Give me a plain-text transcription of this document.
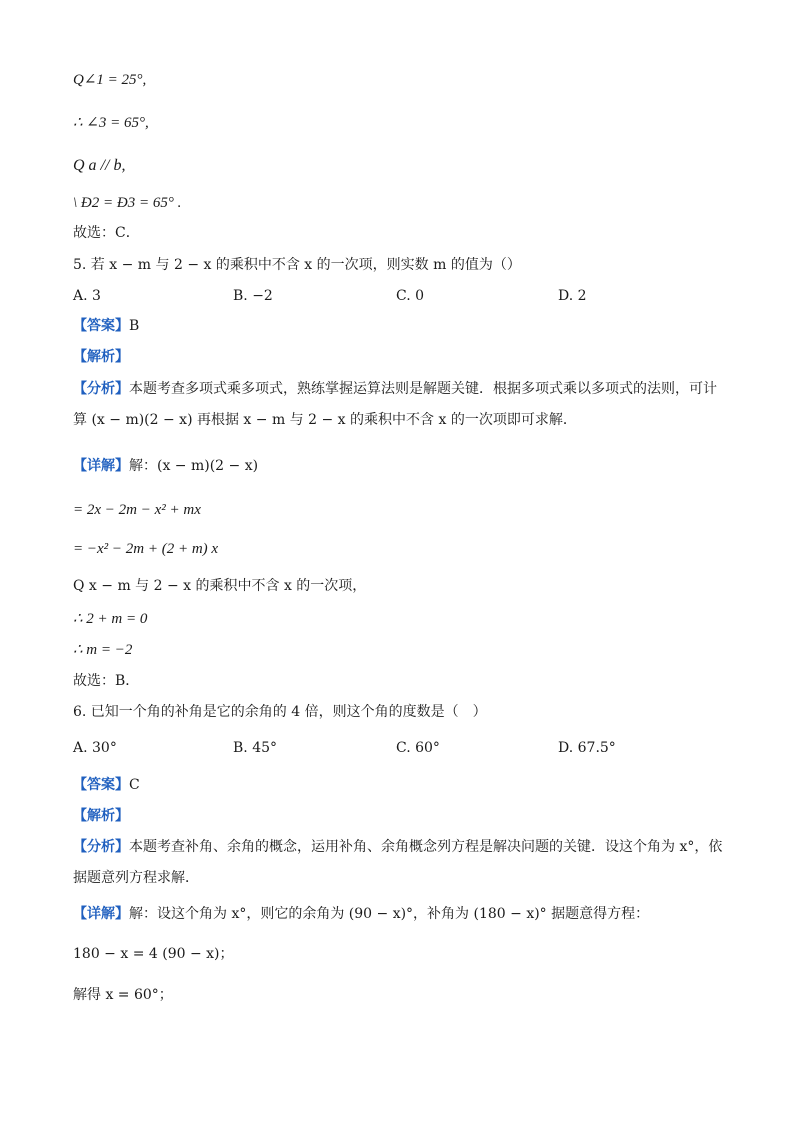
Q∠1 = 25°,
∴ ∠3 = 65°,
Q a // b,
\ Ð2 = Ð3 = 65° .
故选：C．
5. 若 x − m 与 2 − x 的乘积中不含 x 的一次项，则实数 m 的值为（）
A. 3	B. −2	C. 0	D. 2
【答案】B
【解析】
【分析】本题考查多项式乘多项式，熟练掌握运算法则是解题关键．根据多项式乘以多项式的法则，可计算 (x − m)(2 − x) 再根据 x − m 与 2 − x 的乘积中不含 x 的一次项即可求解．
【详解】解：(x − m)(2 − x)
= 2x − 2m − x² + mx
= −x² − 2m + (2 + m) x
Q x − m 与 2 − x 的乘积中不含 x 的一次项，
∴ 2 + m = 0
∴ m = −2
故选：B．
6. 已知一个角的补角是它的余角的 4 倍，则这个角的度数是（　）
A. 30°	B. 45°	C. 60°	D. 67.5°
【答案】C
【解析】
【分析】本题考查补角、余角的概念，运用补角、余角概念列方程是解决问题的关键．设这个角为 x°，依据题意列方程求解．
【详解】解：设这个角为 x°，则它的余角为 (90 − x)°，补角为 (180 − x)° 据题意得方程：
180 − x = 4 (90 − x)；
解得 x = 60°；
